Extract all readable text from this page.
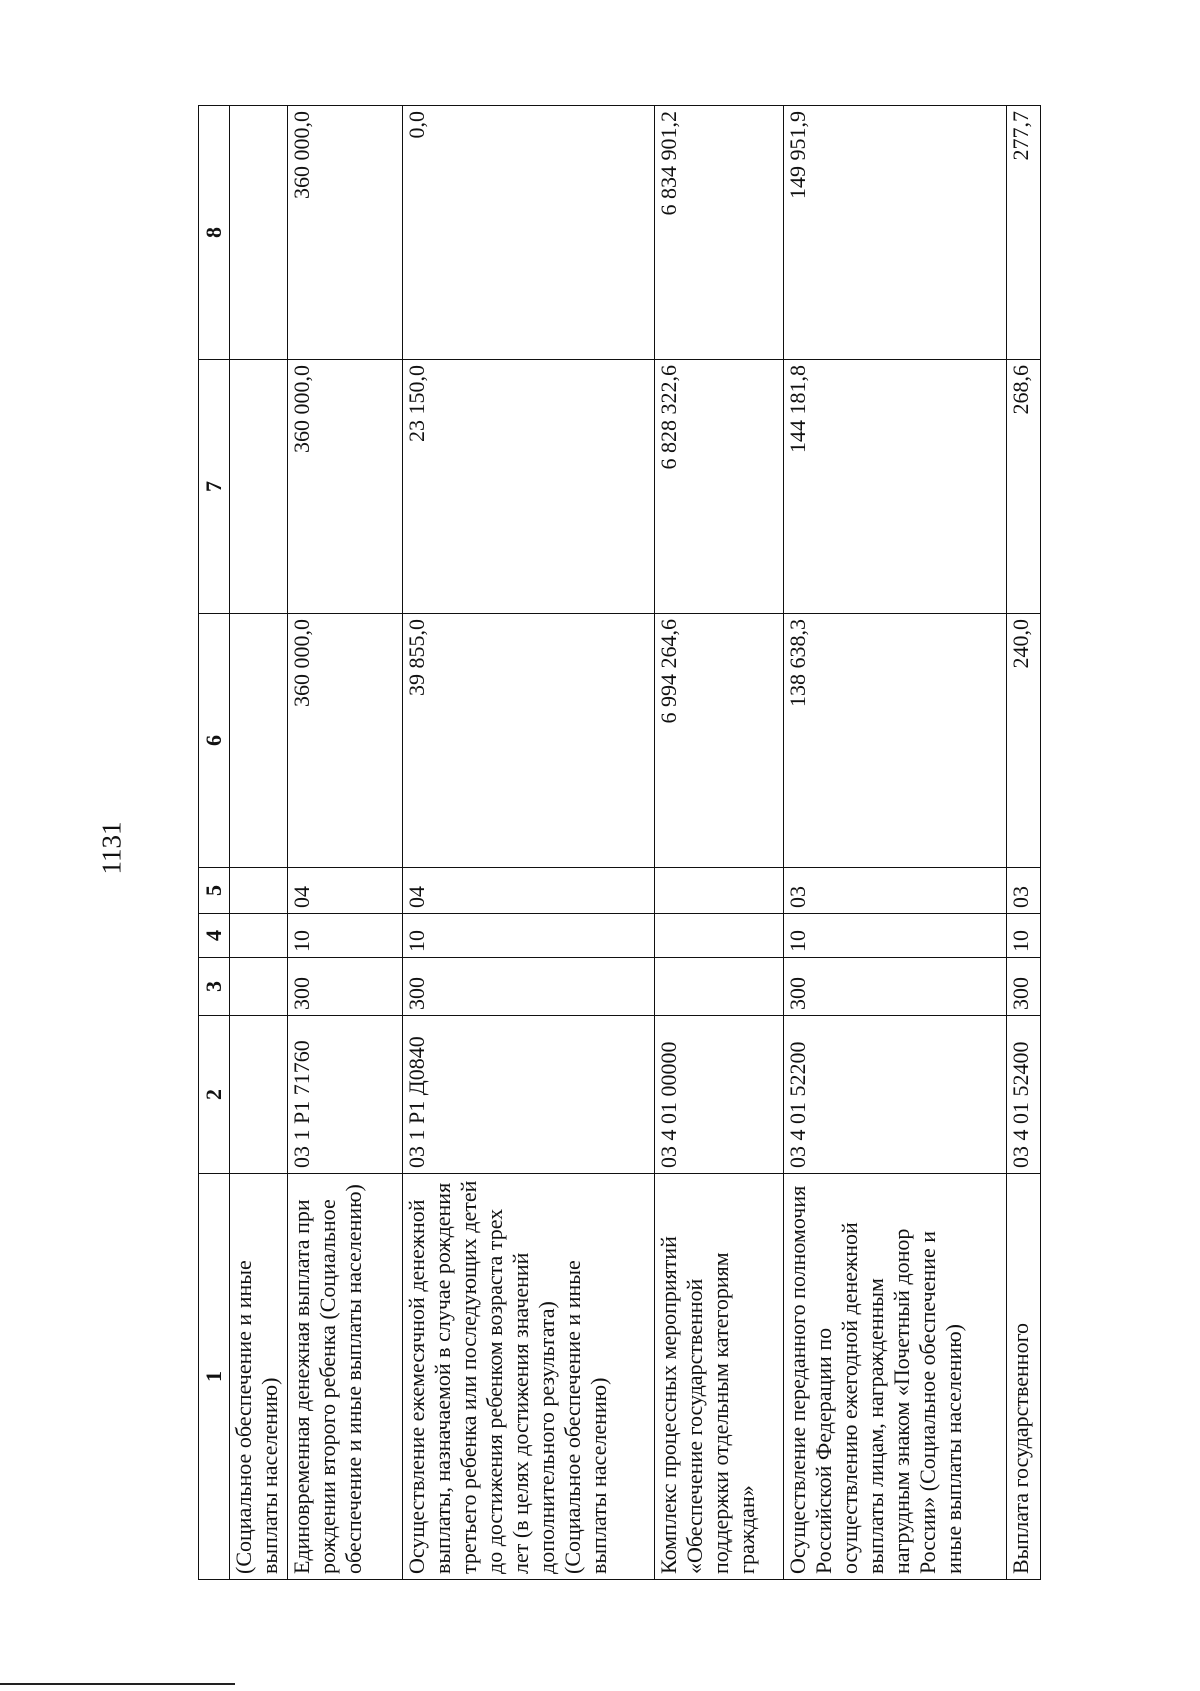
1131
1	2	3	4	5	6	7	8
(Социальное обеспечение и иные выплаты населению)							
Единовременная денежная выплата при рождении второго ребенка (Социальное обеспечение и иные выплаты населению)	03 1 P1 71760	300	10	04	360 000,0	360 000,0	360 000,0
Осуществление ежемесячной денежной выплаты, назначаемой в случае рождения третьего ребенка или последующих детей до достижения ребенком возраста трех лет (в целях достижения значений дополнительного результата) (Социальное обеспечение и иные выплаты населению)	03 1 P1 Д0840	300	10	04	39 855,0	23 150,0	0,0
Комплекс процессных мероприятий «Обеспечение государственной поддержки отдельным категориям граждан»	03 4 01 00000				6 994 264,6	6 828 322,6	6 834 901,2
Осуществление переданного полномочия Российской Федерации по осуществлению ежегодной денежной выплаты лицам, награжденным нагрудным знаком «Почетный донор России» (Социальное обеспечение и иные выплаты населению)	03 4 01 52200	300	10	03	138 638,3	144 181,8	149 951,9
Выплата государственного	03 4 01 52400	300	10	03	240,0	268,6	277,7
